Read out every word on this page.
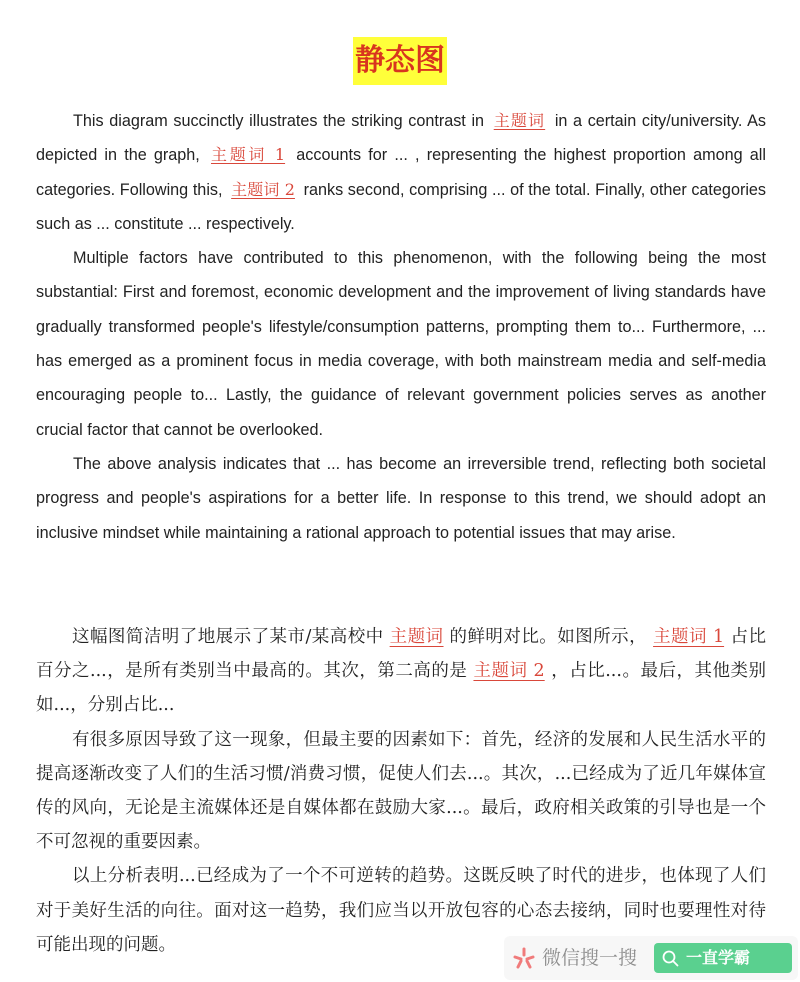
静态图

This diagram succinctly illustrates the striking contrast in 主题词 in a certain city/university. As depicted in the graph, 主题词 1 accounts for ... , representing the highest proportion among all categories. Following this, 主题词 2 ranks second, comprising ... of the total. Finally, other categories such as ... constitute ... respectively.

Multiple factors have contributed to this phenomenon, with the following being the most substantial: First and foremost, economic development and the improvement of living standards have gradually transformed people's lifestyle/consumption patterns, prompting them to... Furthermore, ... has emerged as a prominent focus in media coverage, with both mainstream media and self-media encouraging people to... Lastly, the guidance of relevant government policies serves as another crucial factor that cannot be overlooked.

The above analysis indicates that ... has become an irreversible trend, reflecting both societal progress and people's aspirations for a better life. In response to this trend, we should adopt an inclusive mindset while maintaining a rational approach to potential issues that may arise.

这幅图简洁明了地展示了某市/某高校中 主题词 的鲜明对比。如图所示， 主题词 1 占比百分之...，是所有类别当中最高的。其次，第二高的是 主题词 2 ，占比...。最后，其他类别如...，分别占比...

有很多原因导致了这一现象，但最主要的因素如下：首先，经济的发展和人民生活水平的提高逐渐改变了人们的生活习惯/消费习惯，促使人们去...。其次，...已经成为了近几年媒体宣传的风向，无论是主流媒体还是自媒体都在鼓励大家...。最后，政府相关政策的引导也是一个不可忽视的重要因素。

以上分析表明...已经成为了一个不可逆转的趋势。这既反映了时代的进步，也体现了人们对于美好生活的向往。面对这一趋势，我们应当以开放包容的心态去接纳，同时也要理性对待可能出现的问题。

微信搜一搜	一直学霸
